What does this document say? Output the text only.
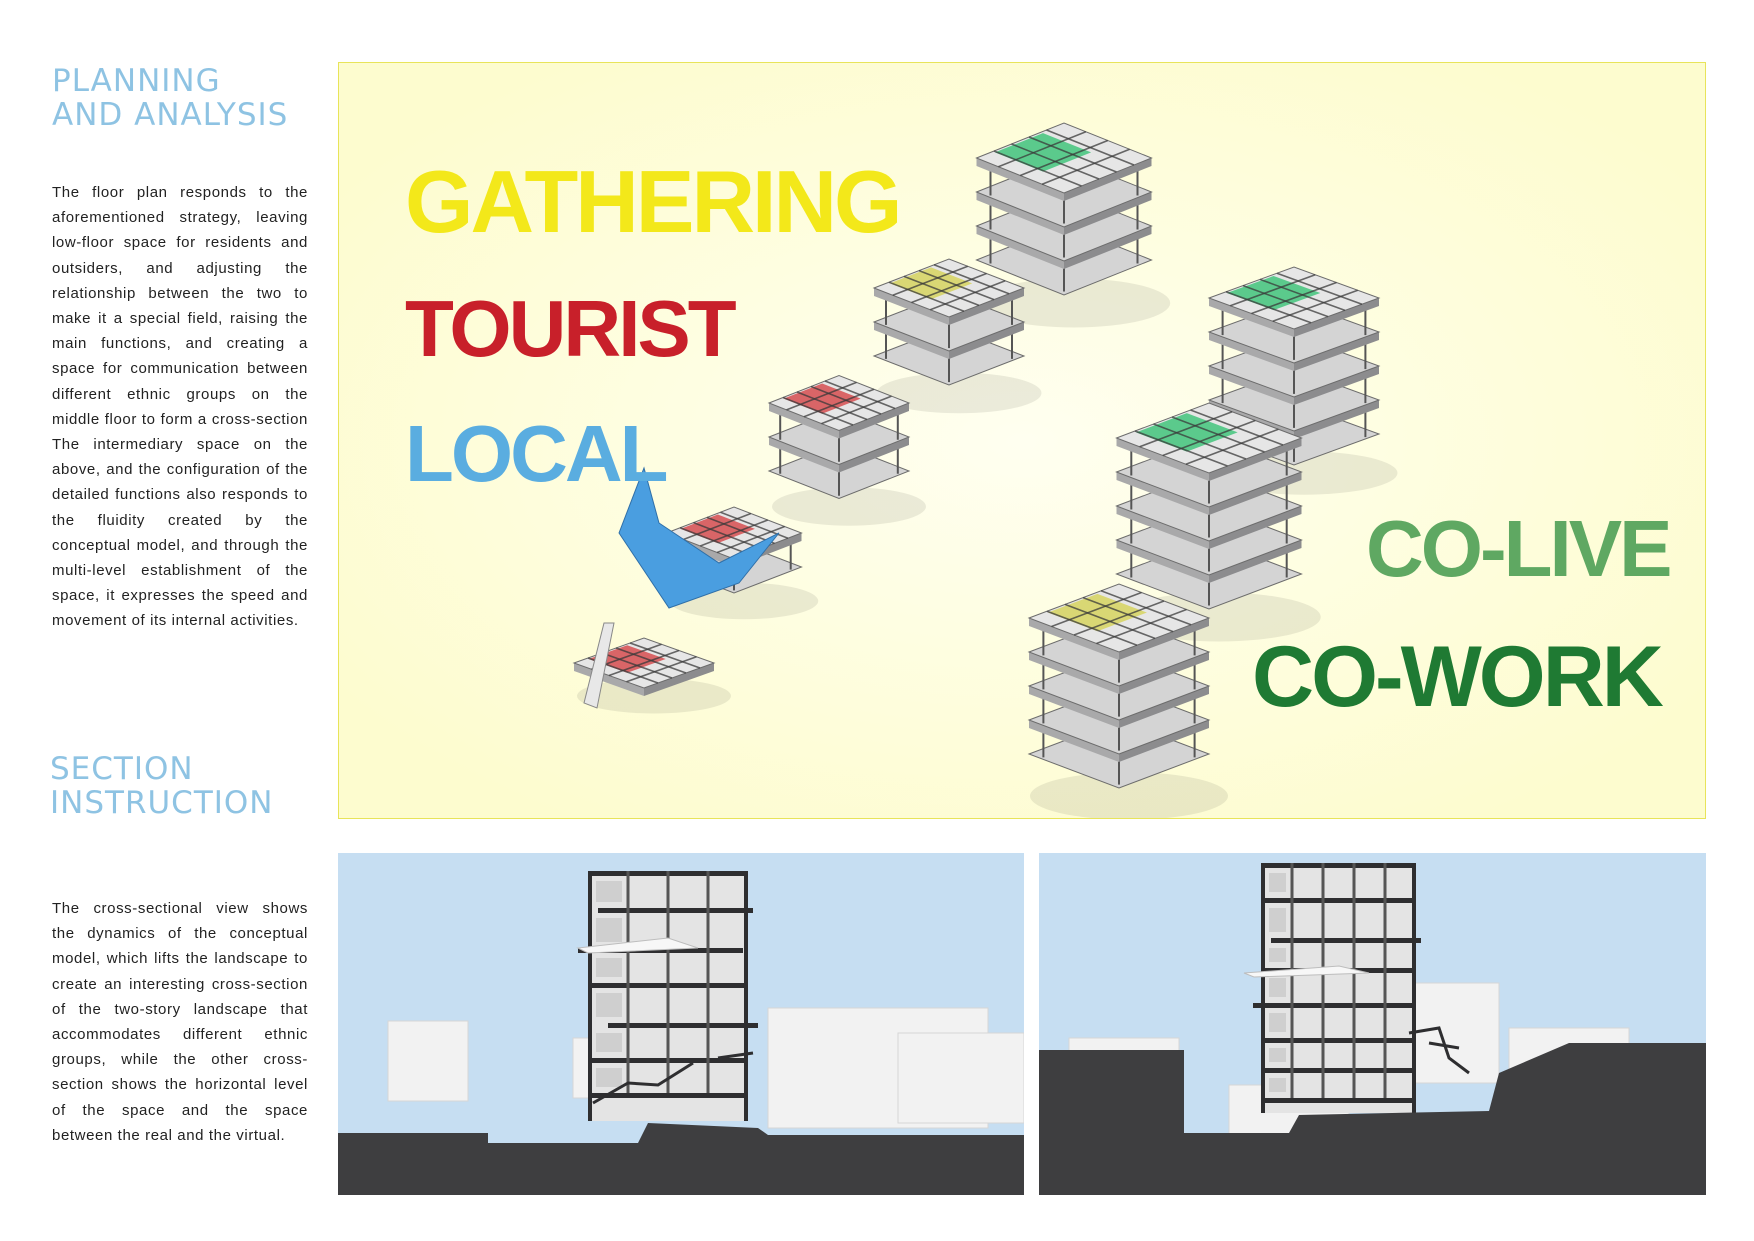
PLANNING
AND ANALYSIS

The floor plan responds to the aforementioned strategy, leaving low-floor space for residents and outsiders, and adjusting the relationship between the two to make it a special field, raising the main functions, and creating a space for communication between different ethnic groups on the middle floor to form a cross-section The intermediary space on the above, and the configuration of the detailed functions also responds to the fluidity created by the conceptual model, and through the multi-level establishment of the space, it expresses the speed and movement of its internal activities.

SECTION
INSTRUCTION

The cross-sectional view shows the dynamics of the conceptual model, which lifts the landscape to create an interesting cross-section of the two-story landscape that accommodates different ethnic groups, while the other cross-section shows the horizontal level of the space and the space between the real and the virtual.

GATHERING
TOURIST
LOCAL
CO-LIVE
CO-WORK
